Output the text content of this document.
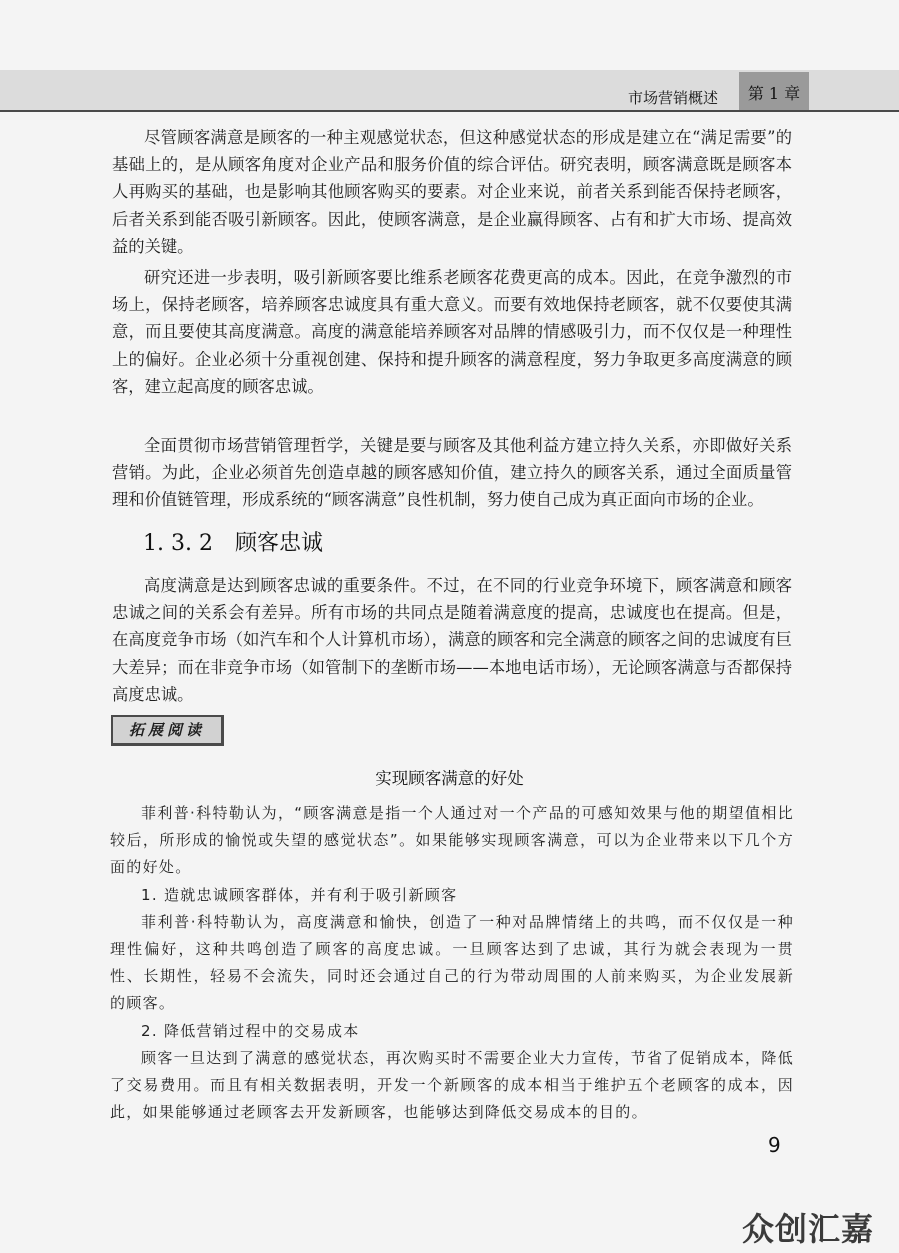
市场营销概述	第 1 章

尽管顾客满意是顾客的一种主观感觉状态，但这种感觉状态的形成是建立在“满足需要”的基础上的，是从顾客角度对企业产品和服务价值的综合评估。研究表明，顾客满意既是顾客本人再购买的基础，也是影响其他顾客购买的要素。对企业来说，前者关系到能否保持老顾客，后者关系到能否吸引新顾客。因此，使顾客满意，是企业赢得顾客、占有和扩大市场、提高效益的关键。

研究还进一步表明，吸引新顾客要比维系老顾客花费更高的成本。因此，在竞争激烈的市场上，保持老顾客，培养顾客忠诚度具有重大意义。而要有效地保持老顾客，就不仅要使其满意，而且要使其高度满意。高度的满意能培养顾客对品牌的情感吸引力，而不仅仅是一种理性上的偏好。企业必须十分重视创建、保持和提升顾客的满意程度，努力争取更多高度满意的顾客，建立起高度的顾客忠诚。

全面贯彻市场营销管理哲学，关键是要与顾客及其他利益方建立持久关系，亦即做好关系营销。为此，企业必须首先创造卓越的顾客感知价值，建立持久的顾客关系，通过全面质量管理和价值链管理，形成系统的“顾客满意”良性机制，努力使自己成为真正面向市场的企业。

1. 3. 2 顾客忠诚

高度满意是达到顾客忠诚的重要条件。不过，在不同的行业竞争环境下，顾客满意和顾客忠诚之间的关系会有差异。所有市场的共同点是随着满意度的提高，忠诚度也在提高。但是，在高度竞争市场（如汽车和个人计算机市场），满意的顾客和完全满意的顾客之间的忠诚度有巨大差异；而在非竞争市场（如管制下的垄断市场——本地电话市场），无论顾客满意与否都保持高度忠诚。

拓展阅读
实现顾客满意的好处

菲利普·科特勒认为，“顾客满意是指一个人通过对一个产品的可感知效果与他的期望值相比较后，所形成的愉悦或失望的感觉状态”。如果能够实现顾客满意，可以为企业带来以下几个方面的好处。

1. 造就忠诚顾客群体，并有利于吸引新顾客

菲利普·科特勒认为，高度满意和愉快，创造了一种对品牌情绪上的共鸣，而不仅仅是一种理性偏好，这种共鸣创造了顾客的高度忠诚。一旦顾客达到了忠诚，其行为就会表现为一贯性、长期性，轻易不会流失，同时还会通过自己的行为带动周围的人前来购买，为企业发展新的顾客。

2. 降低营销过程中的交易成本

顾客一旦达到了满意的感觉状态，再次购买时不需要企业大力宣传，节省了促销成本，降低了交易费用。而且有相关数据表明，开发一个新顾客的成本相当于维护五个老顾客的成本，因此，如果能够通过老顾客去开发新顾客，也能够达到降低交易成本的目的。

9
众创汇嘉
